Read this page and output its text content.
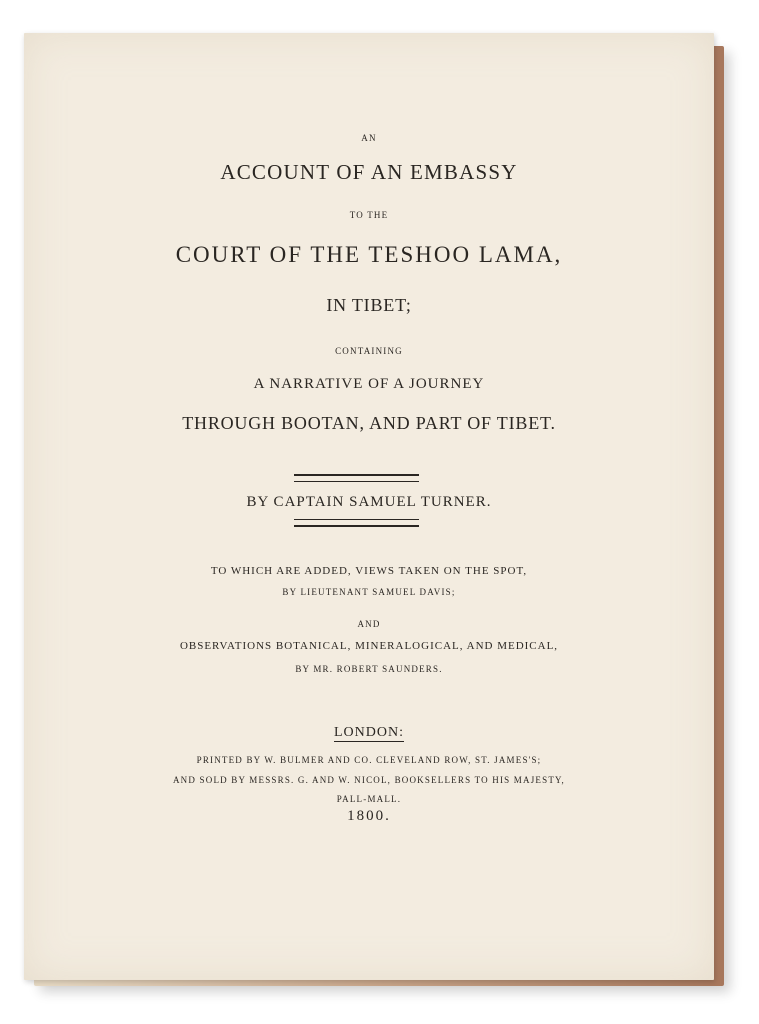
AN
ACCOUNT OF AN EMBASSY
TO THE
COURT OF THE TESHOO LAMA,
IN TIBET;
CONTAINING
A NARRATIVE OF A JOURNEY
THROUGH BOOTAN, AND PART OF TIBET.
BY CAPTAIN SAMUEL TURNER.
TO WHICH ARE ADDED, VIEWS TAKEN ON THE SPOT,
BY LIEUTENANT SAMUEL DAVIS;
AND
OBSERVATIONS BOTANICAL, MINERALOGICAL, AND MEDICAL,
BY MR. ROBERT SAUNDERS.
LONDON:
PRINTED BY W. BULMER AND CO. CLEVELAND ROW, ST. JAMES'S;
AND SOLD BY MESSRS. G. AND W. NICOL, BOOKSELLERS TO HIS MAJESTY,
PALL-MALL.
1800.
